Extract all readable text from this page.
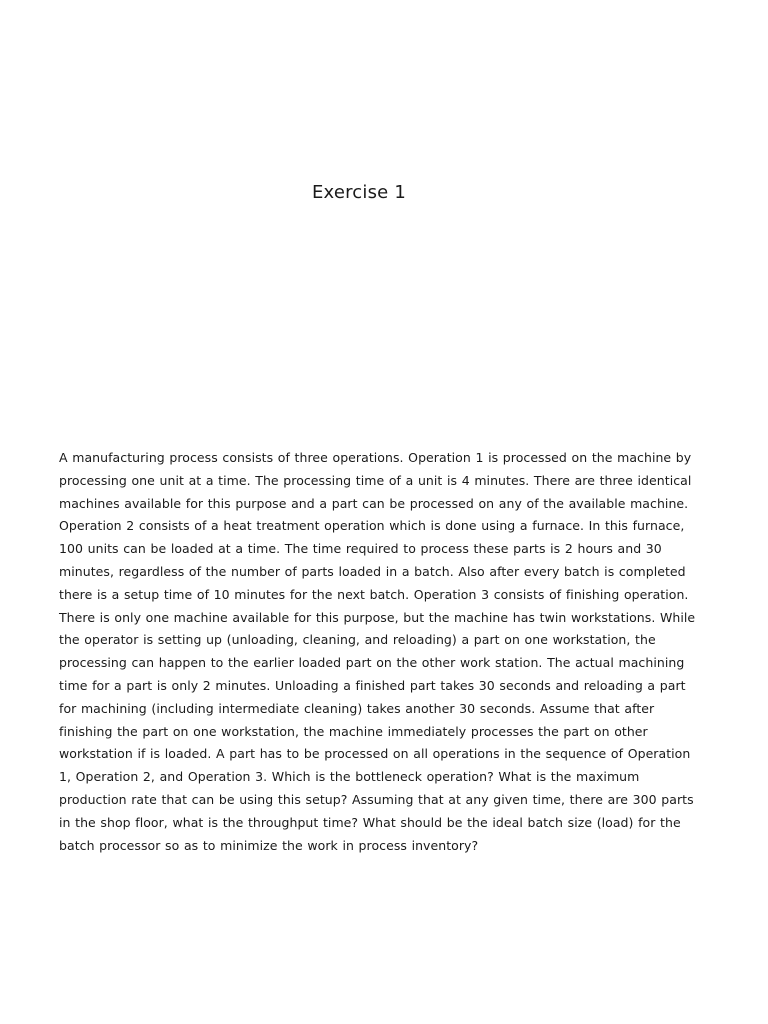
Exercise 1

A manufacturing process consists of three operations. Operation 1 is processed on the machine by processing one unit at a time. The processing time of a unit is 4 minutes. There are three identical machines available for this purpose and a part can be processed on any of the available machine. Operation 2 consists of a heat treatment operation which is done using a furnace. In this furnace, 100 units can be loaded at a time. The time required to process these parts is 2 hours and 30 minutes, regardless of the number of parts loaded in a batch. Also after every batch is completed there is a setup time of 10 minutes for the next batch. Operation 3 consists of finishing operation. There is only one machine available for this purpose, but the machine has twin workstations. While the operator is setting up (unloading, cleaning, and reloading) a part on one workstation, the processing can happen to the earlier loaded part on the other work station. The actual machining time for a part is only 2 minutes. Unloading a finished part takes 30 seconds and reloading a part for machining (including intermediate cleaning) takes another 30 seconds. Assume that after finishing the part on one workstation, the machine immediately processes the part on other workstation if is loaded. A part has to be processed on all operations in the sequence of Operation 1, Operation 2, and Operation 3. Which is the bottleneck operation? What is the maximum production rate that can be using this setup? Assuming that at any given time, there are 300 parts in the shop floor, what is the throughput time? What should be the ideal batch size (load) for the batch processor so as to minimize the work in process inventory?
